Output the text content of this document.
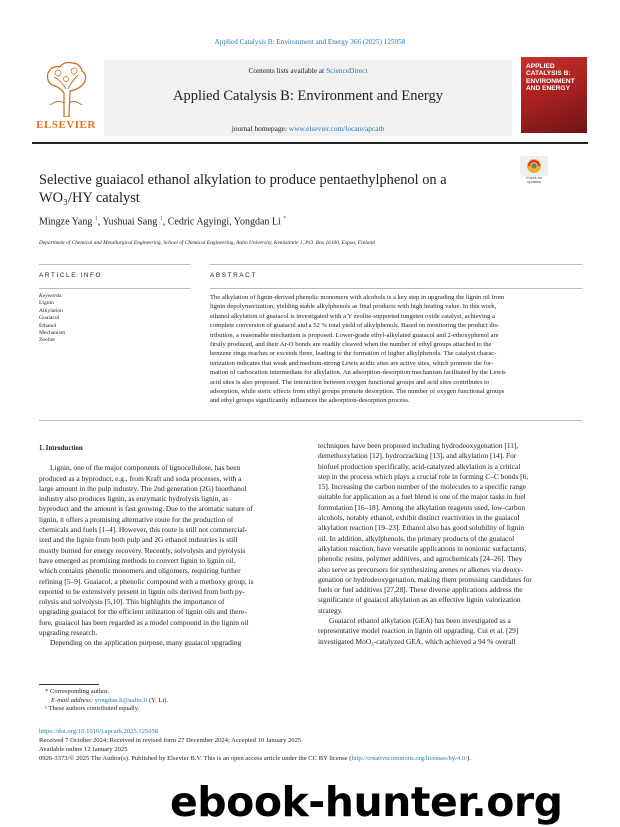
Applied Catalysis B: Environment and Energy 366 (2025) 125058
ELSEVIER
Contents lists available at ScienceDirect
Applied Catalysis B: Environment and Energy
journal homepage: www.elsevier.com/locate/apcatb
APPLIED CATALYSIS B: ENVIRONMENT AND ENERGY
Selective guaiacol ethanol alkylation to produce pentaethylphenol on a
WO₃/HY catalyst
Check for updates
Mingze Yang $^1$, Yushuai Sang $^1$, Cedric Agyingi, Yongdan Li *
Department of Chemical and Metallurgical Engineering, School of Chemical Engineering, Aalto University, Kemistintie 1, P.O. Box 16100, Espoo, Finland
ARTICLE INFO	ABSTRACT
Keywords:
Lignin
Alkylation
Guaiacol
Ethanol
Mechanism
Zeolite
The alkylation of lignin-derived phenolic monomers with alcohols is a key step in upgrading the lignin oil from
lignin depolymerization, yielding stable alkylphenols as final products with high heating value. In this work,
ethanol alkylation of guaiacol is investigated with a Y zeolite-supported tungsten oxide catalyst, achieving a
complete conversion of guaiacol and a 52 % total yield of alkylphenols. Based on monitoring the product dis-
tribution, a reasonable mechanism is proposed. Lower-grade ethyl-alkylated guaiacol and 2-ethoxyphenol are
firstly produced, and their Ar-O bonds are readily cleaved when the number of ethyl groups attached to the
benzene rings reaches or exceeds three, leading to the formation of higher alkylphenols. The catalyst charac-
terization indicates that weak and medium-strong Lewis acidic sites are active sites, which promote the for-
mation of carbocation intermediate for alkylation. An adsorption-desorption mechanism facilitated by the Lewis
acid sites is also proposed. The interaction between oxygen functional groups and acid sites contributes to
adsorption, while steric effects from ethyl groups promote desorption. The number of oxygen functional groups
and ethyl groups significantly influences the adsorption-desorption process.
1. Introduction
Lignin, one of the major components of lignocellulose, has been
produced as a byproduct, e.g., from Kraft and soda processes, with a
large amount in the pulp industry. The 2nd generation (2G) bioethanol
industry also produces lignin, as enzymatic hydrolysis lignin, as
byproduct and the amount is fast growing. Due to the aromatic nature of
lignin, it offers a promising alternative route for the production of
chemicals and fuels [1–4]. However, this route is still not commercial-
ized and the lignin from both pulp and 2G ethanol industries is still
mostly burned for energy recovery. Recently, solvolysis and pyrolysis
have emerged as promising methods to convert lignin to lignin oil,
which contains phenolic monomers and oligomers, requiring further
refining [5–9]. Guaiacol, a phenolic compound with a methoxy group, is
reported to be extensively present in lignin oils derived from both py-
rolysis and solvolysis [5,10]. This highlights the importance of
upgrading guaiacol for the efficient utilization of lignin oils and there-
fore, guaiacol has been regarded as a model compound in the lignin oil
upgrading research.
Depending on the application purpose, many guaiacol upgrading
techniques have been proposed including hydrodeoxygenation [11],
demethoxylation [12], hydrocracking [13], and alkylation [14]. For
biofuel production specifically, acid-catalyzed alkylation is a critical
step in the process which plays a crucial role in forming C–C bonds [6,
15]. Increasing the carbon number of the molecules to a specific range
suitable for application as a fuel blend is one of the major tasks in fuel
formulation [16–18]. Among the alkylation reagents used, low-carbon
alcohols, notably ethanol, exhibit distinct reactivities in the guaiacol
alkylation reaction [19–23]. Ethanol also has good solubility of lignin
oil. In addition, alkylphenols, the primary products of the guaiacol
alkylation reaction, have versatile applications in nonionic surfactants,
phenolic resins, polymer additives, and agrochemicals [24–26]. They
also serve as precursors for synthesizing arenes or alkenes via deoxy-
genation or hydrodeoxygenation, making them promising candidates for
fuels or fuel additives [27,28]. These diverse applications address the
significance of guaiacol alkylation as an effective lignin valorization
strategy.
Guaiacol ethanol alkylation (GEA) has been investigated as a
representative model reaction in lignin oil upgrading. Cui et al. [29]
investigated MoO₃-catalyzed GEA, which achieved a 94 % overall
* Corresponding author.
E-mail address: yongdan.li@aalto.fi (Y. Li).
¹ These authors contributed equally.
https://doi.org/10.1016/j.apcatb.2025.125058
Received 7 October 2024; Received in revised form 27 December 2024; Accepted 10 January 2025
Available online 12 January 2025
0926-3373/© 2025 The Author(s). Published by Elsevier B.V. This is an open access article under the CC BY license (http://creativecommons.org/licenses/by/4.0/).
ebook-hunter.org
